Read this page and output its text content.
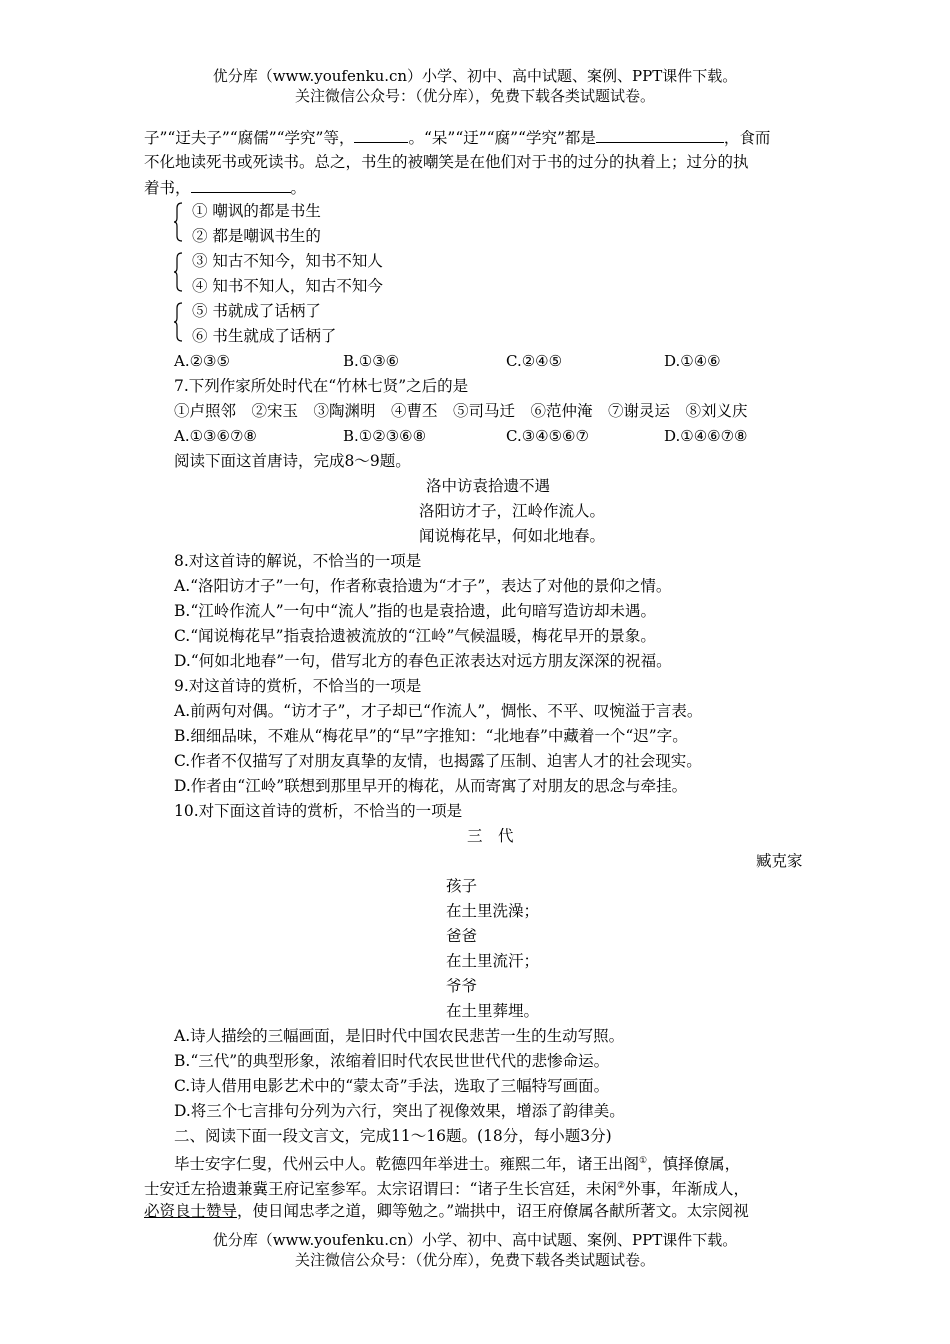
优分库（www.youfenku.cn）小学、初中、高中试题、案例、PPT课件下载。
关注微信公众号：（优分库），免费下载各类试题试卷。
子”“迂夫子”“腐儒”“学究”等，	。“呆”“迂”“腐”“学究”都是	，食而
不化地读死书或死读书。总之，书生的被嘲笑是在他们对于书的过分的执着上；过分的执
着书，	。
① 嘲讽的都是书生
② 都是嘲讽书生的
③ 知古不知今，知书不知人
④ 知书不知人，知古不知今
⑤ 书就成了话柄了
⑥ 书生就成了话柄了
A.②③⑤	B.①③⑥	C.②④⑤	D.①④⑥
7.下列作家所处时代在“竹林七贤”之后的是
①卢照邻　②宋玉　③陶渊明　④曹丕　⑤司马迁　⑥范仲淹　⑦谢灵运　⑧刘义庆
A.①③⑥⑦⑧	B.①②③⑥⑧	C.③④⑤⑥⑦	D.①④⑥⑦⑧
阅读下面这首唐诗，完成8～9题。
洛中访袁拾遗不遇
洛阳访才子，江岭作流人。
闻说梅花早，何如北地春。
8.对这首诗的解说，不恰当的一项是
A.“洛阳访才子”一句，作者称袁拾遗为“才子”，表达了对他的景仰之情。
B.“江岭作流人”一句中“流人”指的也是袁拾遗，此句暗写造访却未遇。
C.“闻说梅花早”指袁拾遗被流放的“江岭”气候温暖，梅花早开的景象。
D.“何如北地春”一句，借写北方的春色正浓表达对远方朋友深深的祝福。
9.对这首诗的赏析，不恰当的一项是
A.前两句对偶。“访才子”，才子却已“作流人”，惆怅、不平、叹惋溢于言表。
B.细细品味，不难从“梅花早”的“早”字推知：“北地春”中藏着一个“迟”字。
C.作者不仅描写了对朋友真挚的友情，也揭露了压制、迫害人才的社会现实。
D.作者由“江岭”联想到那里早开的梅花，从而寄寓了对朋友的思念与牵挂。
10.对下面这首诗的赏析，不恰当的一项是
三　代
臧克家
孩子
在土里洗澡；
爸爸
在土里流汗；
爷爷
在土里葬埋。
A.诗人描绘的三幅画面，是旧时代中国农民悲苦一生的生动写照。
B.“三代”的典型形象，浓缩着旧时代农民世世代代的悲惨命运。
C.诗人借用电影艺术中的“蒙太奇”手法，选取了三幅特写画面。
D.将三个七言排句分列为六行，突出了视像效果，增添了韵律美。
二、阅读下面一段文言文，完成11～16题。(18分，每小题3分)
毕士安字仁叟，代州云中人。乾德四年举进士。雍熙二年，诸王出阁①，慎择僚属，
士安迁左拾遗兼冀王府记室参军。太宗诏谓曰：“诸子生长宫廷，未闲②外事，年渐成人，
必资良士赞导，使日闻忠孝之道，卿等勉之。”端拱中，诏王府僚属各献所著文。太宗阅视
优分库（www.youfenku.cn）小学、初中、高中试题、案例、PPT课件下载。
关注微信公众号：（优分库），免费下载各类试题试卷。
